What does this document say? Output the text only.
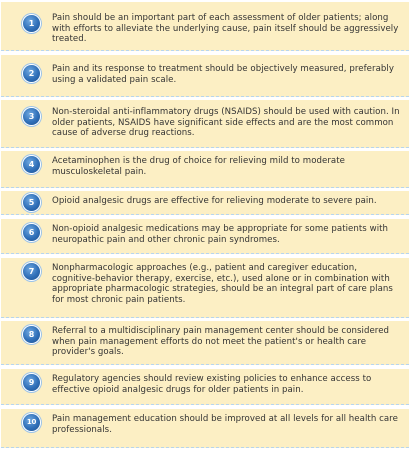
1
Pain should be an important part of each assessment of older patients; along with efforts to alleviate the underlying cause, pain itself should be aggressively treated.
2	Pain and its response to treatment should be objectively measured, preferably using a validated pain scale.
3	Non-steroidal anti-inflammatory drugs (NSAIDS) should be used with caution. In older patients, NSAIDS have significant side effects and are the most common cause of adverse drug reactions.
4	Acetaminophen is the drug of choice for relieving mild to moderate musculoskeletal pain.
5	Opioid analgesic drugs are effective for relieving moderate to severe pain.
6	Non-opioid analgesic medications may be appropriate for some patients with neuropathic pain and other chronic pain syndromes.
7	Nonpharmacologic approaches (e.g., patient and caregiver education, cognitive-behavior therapy, exercise, etc.), used alone or in combination with appropriate pharmacologic strategies, should be an integral part of care plans for most chronic pain patients.
8	Referral to a multidisciplinary pain management center should be considered when pain management efforts do not meet the patient's or health care provider's goals.
9	Regulatory agencies should review existing policies to enhance access to effective opioid analgesic drugs for older patients in pain.
10	Pain management education should be improved at all levels for all health care professionals.
